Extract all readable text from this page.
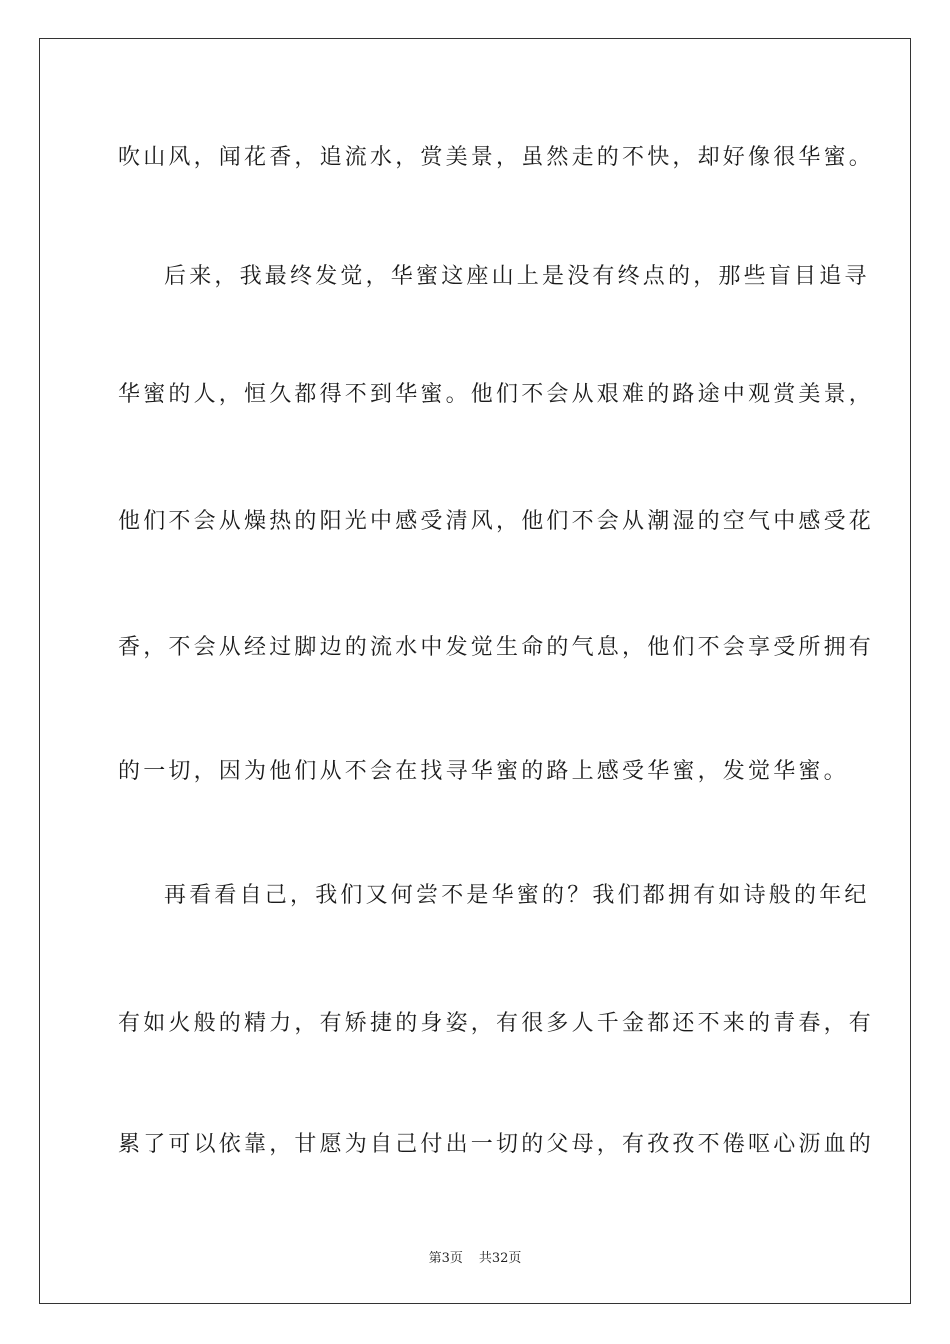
吹山风，闻花香，追流水，赏美景，虽然走的不快，却好像很华蜜。
后来，我最终发觉，华蜜这座山上是没有终点的，那些盲目追寻
华蜜的人，恒久都得不到华蜜。他们不会从艰难的路途中观赏美景，
他们不会从燥热的阳光中感受清风，他们不会从潮湿的空气中感受花
香，不会从经过脚边的流水中发觉生命的气息，他们不会享受所拥有
的一切，因为他们从不会在找寻华蜜的路上感受华蜜，发觉华蜜。
再看看自己，我们又何尝不是华蜜的？我们都拥有如诗般的年纪
有如火般的精力，有矫捷的身姿，有很多人千金都还不来的青春，有
累了可以依靠，甘愿为自己付出一切的父母，有孜孜不倦呕心沥血的
第3页 共32页
